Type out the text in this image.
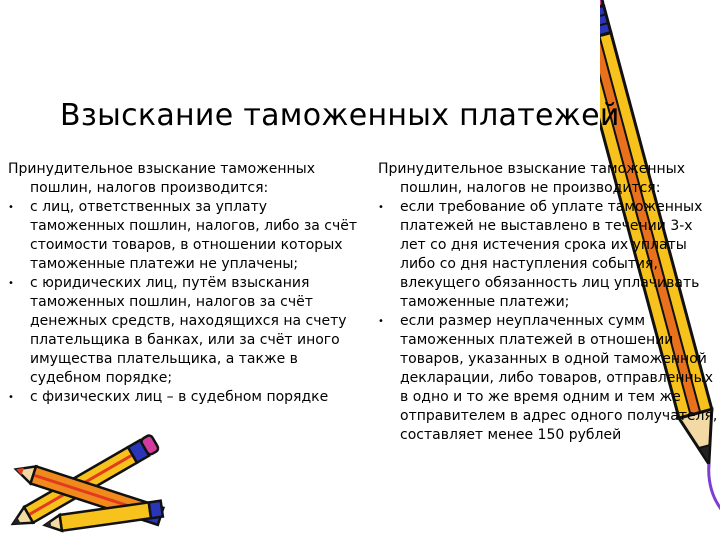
Взыскание таможенных платежей

Принудительное взыскание таможенных пошлин, налогов производится:

• с лиц, ответственных за уплату таможенных пошлин, налогов, либо за счёт стоимости товаров, в отношении которых таможенные платежи не уплачены;
• с юридических лиц, путём взыскания таможенных пошлин, налогов за счёт денежных средств, находящихся на счету плательщика в банках, или за счёт иного имущества плательщика, а также в судебном порядке;
• с физических лиц – в судебном порядке

Принудительное взыскание таможенных пошлин, налогов не производится:

• если требование об уплате таможенных платежей не выставлено в течении 3-х лет со дня истечения срока их уплаты либо со дня наступления события, влекущего обязанность лиц уплачивать таможенные платежи;
• если размер неуплаченных сумм таможенных платежей в отношении товаров, указанных в одной таможенной декларации, либо товаров, отправленных в одно и то же время одним и тем же отправителем в адрес одного получателя, составляет менее 150 рублей
